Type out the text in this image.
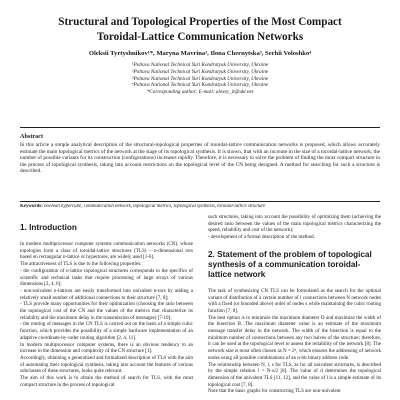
Structural and Topological Properties of the Most Compact
Toroidal-Lattice Communication Networks
Oleksii Tyrtyshnikov¹*, Maryna Mavrina², Ilona Chernytska³, Serhii Voloshko⁴
¹Poltava National Technical Yuri Kondratyuk University, Ukraine
²Poltava National Technical Yuri Kondratyuk University, Ukraine
³Poltava National Technical Yuri Kondratyuk University, Ukraine
⁴Poltava National Technical Yuri Kondratyuk University, Ukraine
*Corresponding author: E-mail: alexey_it@ukr.net
Abstract

In this article a simple analytical description of the structural-topological properties of toroidal-lattice communication networks is proposed, which allows accurately estimate the main topological metrics of the network at the stage of its topological synthesis. It is shown, that with an increase in the size of a toroidal-lattice network, the number of possible variants for its construction (configurations) increases rapidly. Therefore, it is necessary to solve the problem of finding the most compact structure in the process of topological synthesis, taking into account restrictions on the topological level of the CN being designed. A method for searching for such a structure is described.

Keywords: boolean hypercube, communication network, topological metrics, topological synthesis, toroidal-lattice structure
1. Introduction

In modern multiprocessor computer systems communication networks (CN), whose topologies form a class of toroidal-lattice structures (TLS) – n-dimensional tors based on rectangular n-lattice or hypertores, are widely used [1-6].

The attractiveness of TLS is due to the following properties:

- the configuration of n-lattice topological structures corresponds to the specifics of scientific and technical tasks that require processing of large arrays of various dimensions [2, 4, 6];

- non-univalent n-lattices are easily transformed into univalent n-tors by adding a relatively small number of additional connections to their structure [7, 8];

- TLS provide many opportunities for their optimization (choosing the ratio between the topological cost of the CN and the values of the metrics that characterize its reliability and the maximum delay in the transmission of messages) [7-10];

- the routing of messages in the CN TLS is carried out on the basis of a simple cubic function, which provides the possibility of a simple hardware implementation of an adaptive coordinate-by-order routing algorithm [2, 4, 11].

In modern multiprocessor computer systems, there is an obvious tendency to an increase in the dimension and complexity of the CN structure [1].

Accordingly, obtaining a generalized and formalized description of TLS with the aim of automating their topological synthesis, taking into account the features of various subclasses of these structures, looks quite relevant.

The aim of this work is to obtain the method of search for TLS, with the most compact structure in the process of topological

such structures, taking into account the possibility of optimizing them (achieving the desired ratio between the values of the main topological metrics characterizing the speed, reliability and cost of the network);

- development of a formal description of the method.

2. Statement of the problem of topological synthesis of a communication toroidal-lattice network

The task of synthesizing CN TLS can be formulated as the search for the optimal variant of distribution of a certain number of l connections between N network nodes with a fixed (or bounded above) order of nodes s while maintaining the cubic routing function [7, 8].

The best option is to minimize the maximum diameter D and maximize the width of the bisection B. The maximum diameter value is an estimate of the maximum message transfer delay in the network. The width of the bisection is equal to the minimum number of connections between any two halves of the structure; therefore, it can be used at the topological level to assess the reliability of the network [8]. The network size is most often chosen as N = 2ⁿ, which ensures the addressing of network nodes using all possible combinations of an n-bit binary address code.

The relationship between N, l, s for TLS, as for all univalent structures, is described by the simple relation l = N·s/2 [8]. The value of d determines the topological dimension of the univalent TLS [11, 12], and the value of l is a simple estimate of its topological cost [7, 8].

Note that the basic graphs for constructing TLS are non-univalent
